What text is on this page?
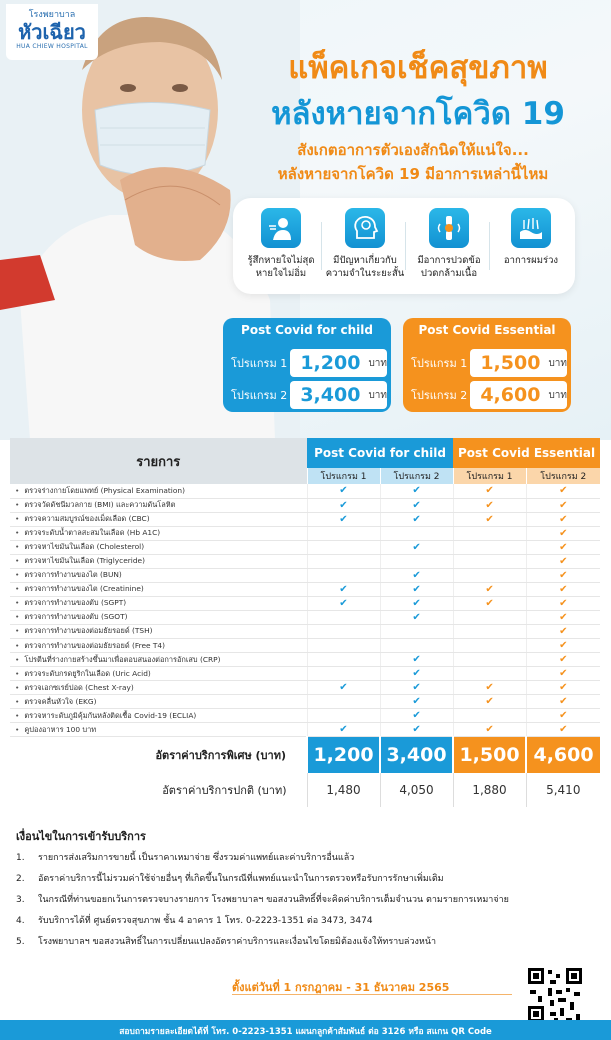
โรงพยาบาล
หัวเฉียว
HUA CHIEW HOSPITAL
แพ็คเกจเช็คสุขภาพ
หลังหายจากโควิด 19
สังเกตอาการตัวเองสักนิดให้แน่ใจ...
หลังหายจากโควิด 19 มีอาการเหล่านี้ไหม
รู้สึกหายใจไม่สุด หายใจไม่อิ่ม
มีปัญหาเกี่ยวกับ ความจำในระยะสั้น
มีอาการปวดข้อ ปวดกล้ามเนื้อ
อาการผมร่วง
Post Covid for child
โปรแกรม 1 1,200 บาท
โปรแกรม 2 3,400 บาท
Post Covid Essential
โปรแกรม 1 1,500 บาท
โปรแกรม 2 4,600 บาท
รายการ	Post Covid for child		Post Covid Essential	
	โปรแกรม 1	โปรแกรม 2	โปรแกรม 1	โปรแกรม 2
• ตรวจร่างกายโดยแพทย์ (Physical Examination)	✔	✔	✔	✔
• ตรวจวัดดัชนีมวลกาย (BMI) และความดันโลหิต	✔	✔	✔	✔
• ตรวจความสมบูรณ์ของเม็ดเลือด (CBC)	✔	✔	✔	✔
• ตรวจระดับน้ำตาลสะสมในเลือด (Hb A1C)				✔
• ตรวจหาไขมันในเลือด (Cholesterol)		✔		✔
• ตรวจหาไขมันในเลือด (Triglyceride)				✔
• ตรวจการทำงานของไต (BUN)		✔		✔
• ตรวจการทำงานของไต (Creatinine)	✔	✔	✔	✔
• ตรวจการทำงานของตับ (SGPT)	✔	✔	✔	✔
• ตรวจการทำงานของตับ (SGOT)		✔		✔
• ตรวจการทำงานของต่อมธัยรอยด์ (TSH)				✔
• ตรวจการทำงานของต่อมธัยรอยด์ (Free T4)				✔
• โปรตีนที่ร่างกายสร้างขึ้นมาเพื่อตอบสนองต่อการอักเสบ (CRP)		✔		✔
• ตรวจระดับกรดยูริกในเลือด (Uric Acid)		✔		✔
• ตรวจเอกซเรย์ปอด (Chest X-ray)	✔	✔	✔	✔
• ตรวจคลื่นหัวใจ (EKG)		✔	✔	✔
• ตรวจหาระดับภูมิคุ้มกันหลังติดเชื้อ Covid-19 (ECLIA)		✔		✔
• คูปองอาหาร 100 บาท	✔	✔	✔	✔
อัตราค่าบริการพิเศษ (บาท)	1,200	3,400	1,500	4,600
อัตราค่าบริการปกติ (บาท)	1,480	4,050	1,880	5,410
เงื่อนไขในการเข้ารับบริการ
1.	รายการส่งเสริมการขายนี้ เป็นราคาเหมาจ่าย ซึ่งรวมค่าแพทย์และค่าบริการอื่นแล้ว
2.	อัตราค่าบริการนี้ไม่รวมค่าใช้จ่ายอื่นๆ ที่เกิดขึ้นในกรณีที่แพทย์แนะนำในการตรวจหรือรับการรักษาเพิ่มเติม
3.	ในกรณีที่ท่านขอยกเว้นการตรวจบางรายการ โรงพยาบาลฯ ขอสงวนสิทธิ์ที่จะคิดค่าบริการเต็มจำนวน ตามรายการเหมาจ่าย
4.	รับบริการได้ที่ ศูนย์ตรวจสุขภาพ ชั้น 4 อาคาร 1 โทร. 0-2223-1351 ต่อ 3473, 3474
5.	โรงพยาบาลฯ ขอสงวนสิทธิ์ในการเปลี่ยนแปลงอัตราค่าบริการและเงื่อนไขโดยมิต้องแจ้งให้ทราบล่วงหน้า
ตั้งแต่วันที่ 1 กรกฎาคม - 31 ธันวาคม 2565
สอบถามรายละเอียดได้ที่ โทร. 0-2223-1351 แผนกลูกค้าสัมพันธ์ ต่อ 3126 หรือ สแกน QR Code
